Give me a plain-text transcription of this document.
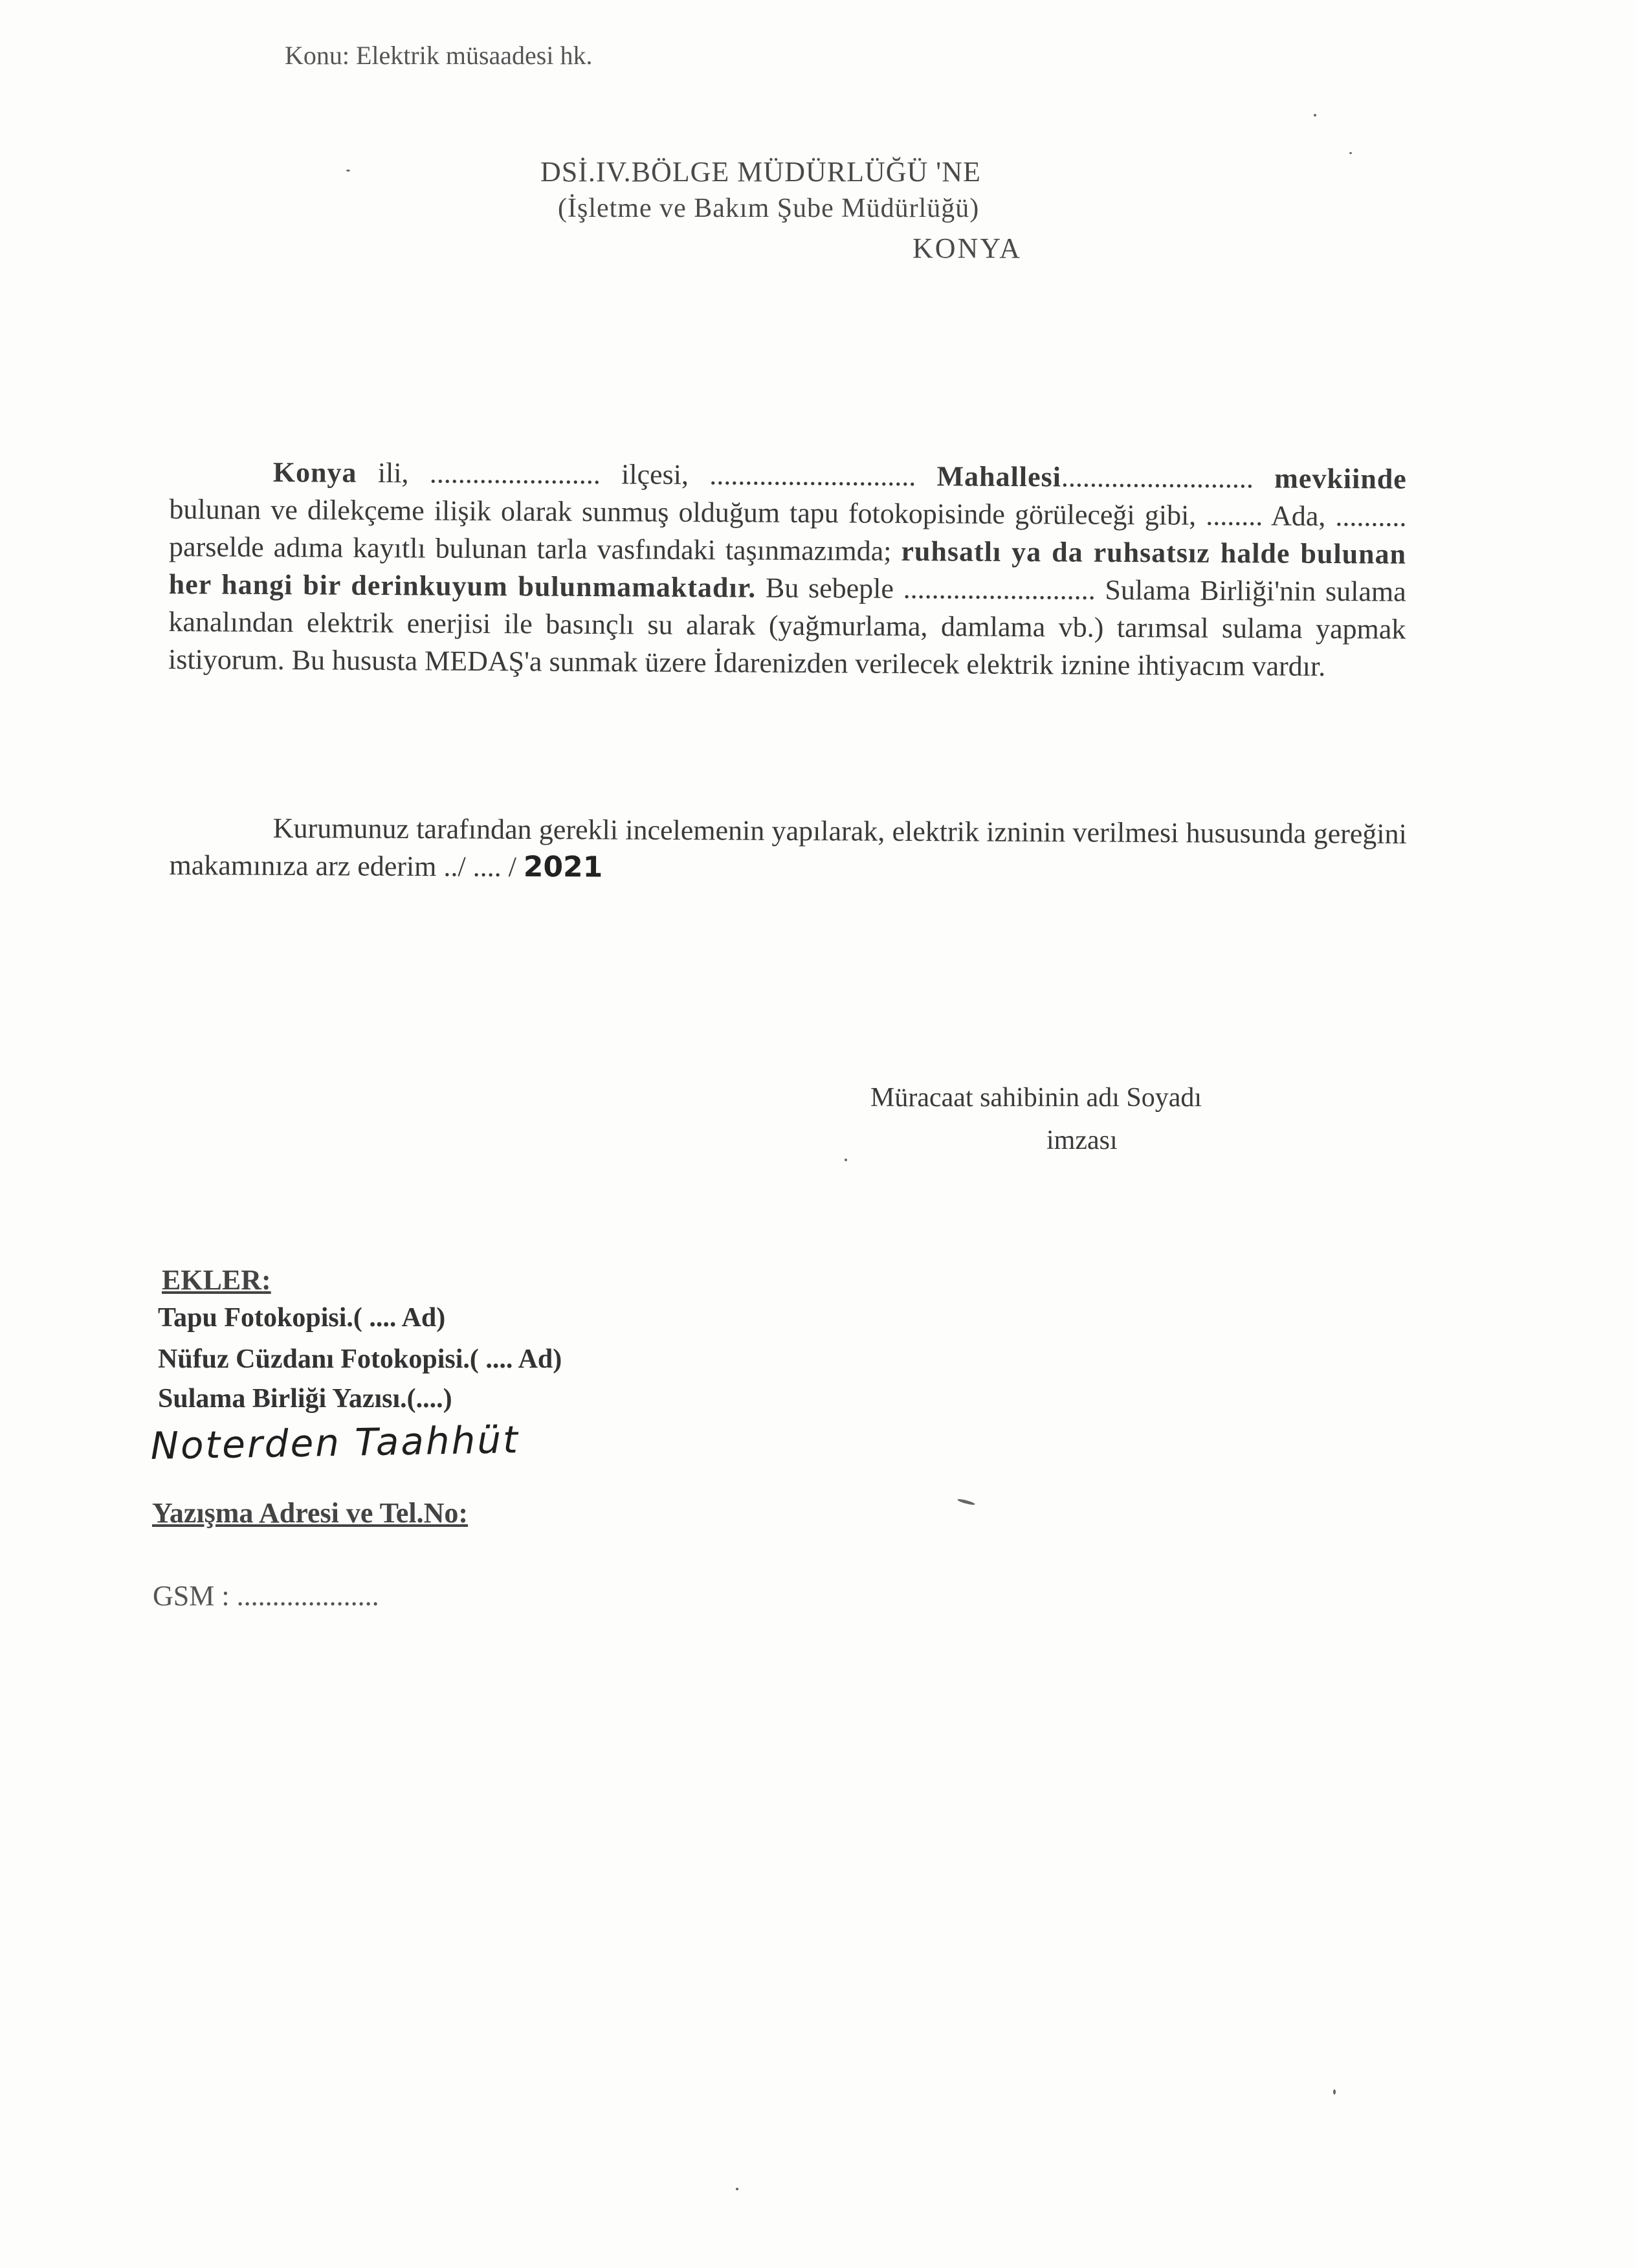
Konu: Elektrik müsaadesi hk.
DSİ.IV.BÖLGE MÜDÜRLÜĞÜ 'NE
(İşletme ve Bakım Şube Müdürlüğü)
KONYA
Konya ili, ........................ ilçesi, ............................. Mahallesi........................... mevkiinde bulunan ve dilekçeme ilişik olarak sunmuş olduğum tapu fotokopisinde görüleceği gibi, ........ Ada, .......... parselde adıma kayıtlı bulunan tarla vasfındaki taşınmazımda; ruhsatlı ya da ruhsatsız halde bulunan her hangi bir derinkuyum bulunmamaktadır. Bu sebeple ........................... Sulama Birliği'nin sulama kanalından elektrik enerjisi ile basınçlı su alarak (yağmurlama, damlama vb.) tarımsal sulama yapmak istiyorum. Bu hususta MEDAŞ'a sunmak üzere İdarenizden verilecek elektrik iznine ihtiyacım vardır.
Kurumunuz tarafından gerekli incelemenin yapılarak, elektrik izninin verilmesi hususunda gereğini makamınıza arz ederim ../ .... / 2021
Müracaat sahibinin adı Soyadı
imzası
EKLER:
Tapu Fotokopisi.( .... Ad)
Nüfuz Cüzdanı Fotokopisi.( .... Ad)
Sulama Birliği Yazısı.(....)
Noterden Taahhüt
Yazışma Adresi ve Tel.No:
GSM : ....................
